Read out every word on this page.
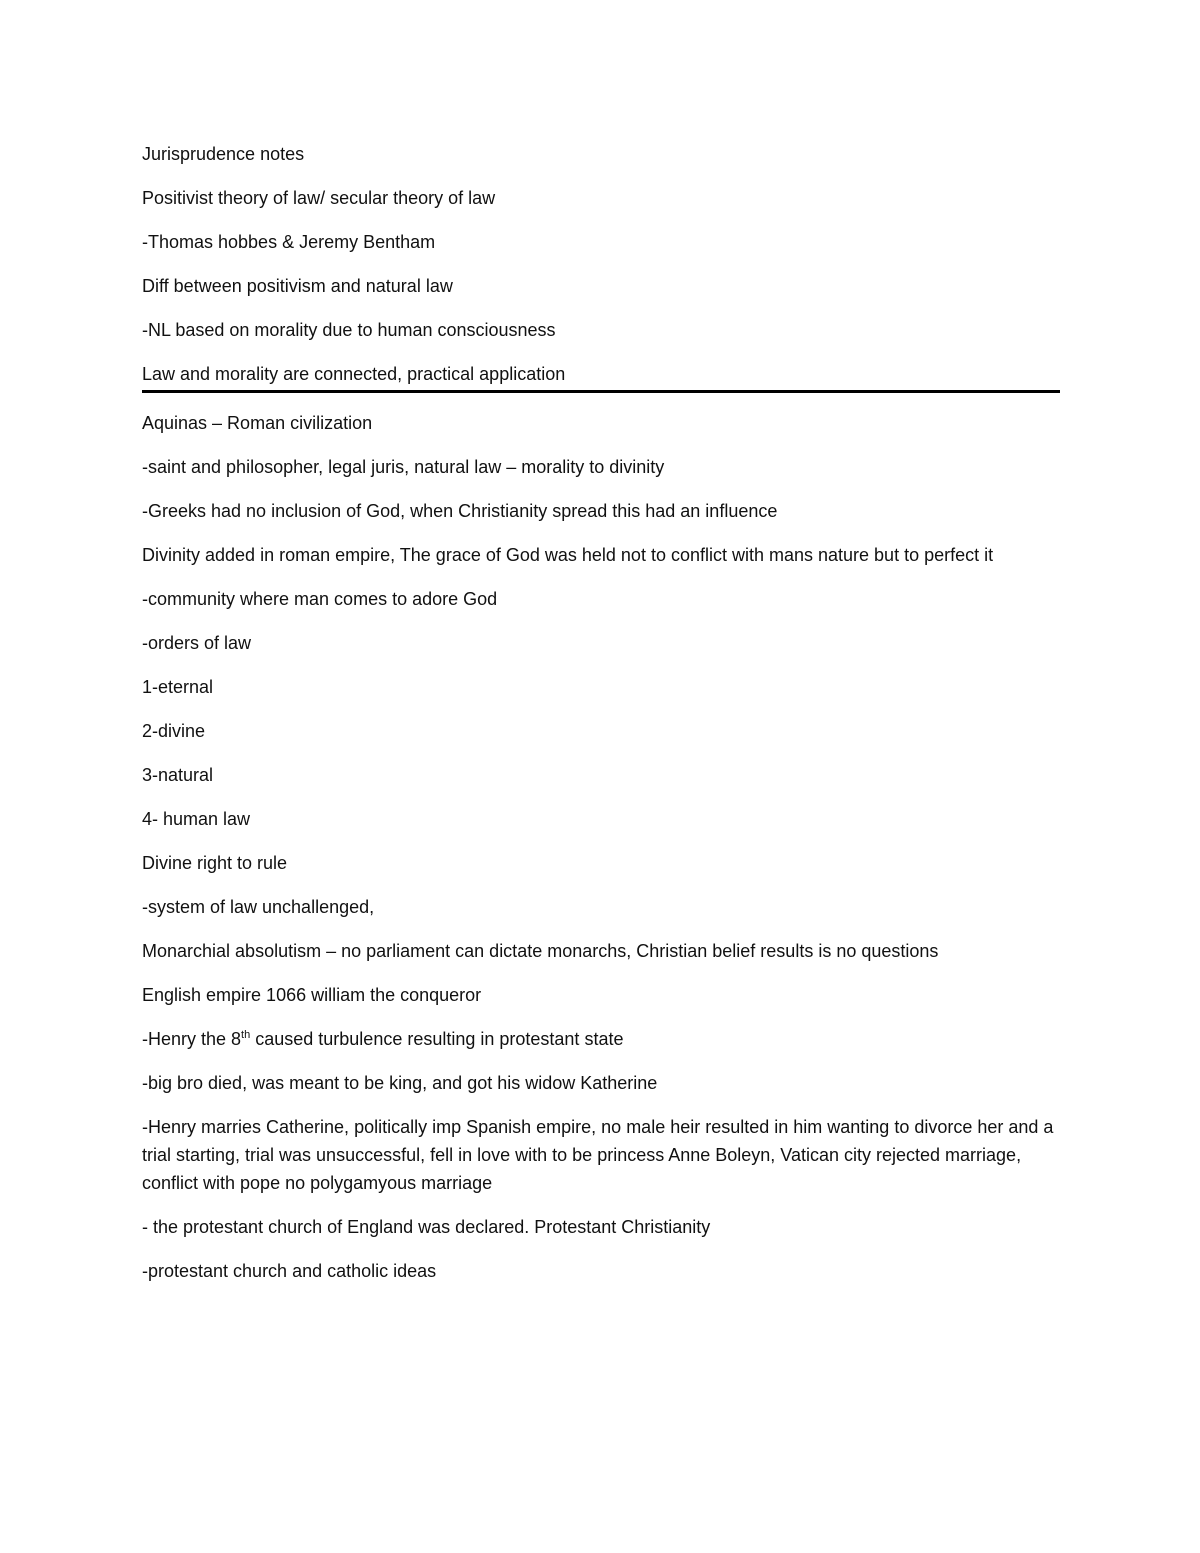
Jurisprudence notes

Positivist theory of law/ secular theory of law

-Thomas hobbes & Jeremy Bentham

Diff between positivism and natural law

-NL based on morality due to human consciousness

Law and morality are connected, practical application

Aquinas – Roman civilization

-saint and philosopher, legal juris, natural law – morality to divinity

-Greeks had no inclusion of God, when Christianity spread this had an influence

Divinity added in roman empire, The grace of God was held not to conflict with mans nature but to perfect it

-community where man comes to adore God

-orders of law

1-eternal

2-divine

3-natural

4- human law

Divine right to rule

-system of law unchallenged,

Monarchial absolutism – no parliament can dictate monarchs, Christian belief results is no questions

English empire 1066 william the conqueror

-Henry the 8th caused turbulence resulting in protestant state

-big bro died, was meant to be king, and got his widow Katherine

-Henry marries Catherine, politically imp Spanish empire, no male heir resulted in him wanting to divorce her and a trial starting, trial was unsuccessful, fell in love with to be princess Anne Boleyn, Vatican city rejected marriage, conflict with pope no polygamyous marriage

- the protestant church of England was declared. Protestant Christianity

-protestant church and catholic ideas
